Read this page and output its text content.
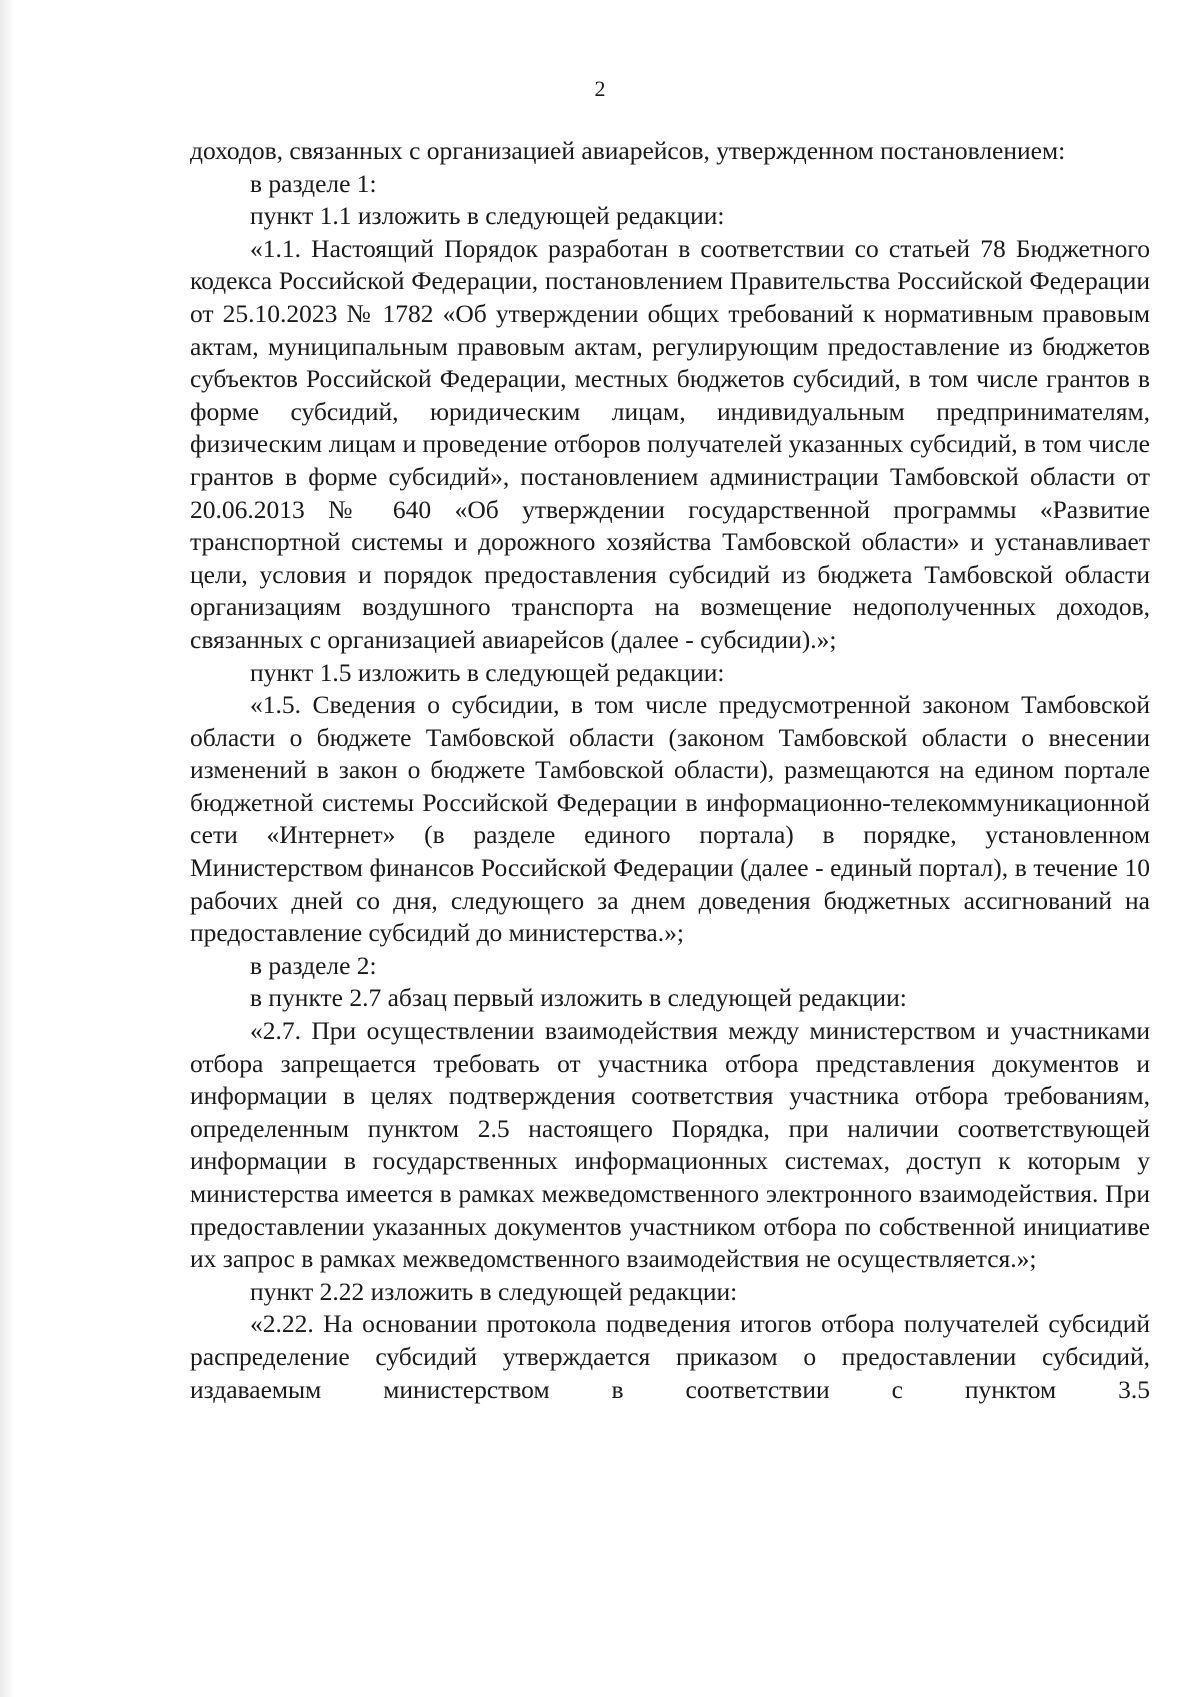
2

доходов, связанных с организацией авиарейсов, утвержденном постановлением:

в разделе 1:

пункт 1.1 изложить в следующей редакции:

«1.1. Настоящий Порядок разработан в соответствии со статьей 78 Бюджетного кодекса Российской Федерации, постановлением Правительства Российской Федерации от 25.10.2023 № 1782 «Об утверждении общих требований к нормативным правовым актам, муниципальным правовым актам, регулирующим предоставление из бюджетов субъектов Российской Федерации, местных бюджетов субсидий, в том числе грантов в форме субсидий, юридическим лицам, индивидуальным предпринимателям, физическим лицам и проведение отборов получателей указанных субсидий, в том числе грантов в форме субсидий», постановлением администрации Тамбовской области от 20.06.2013 № 640 «Об утверждении государственной программы «Развитие транспортной системы и дорожного хозяйства Тамбовской области» и устанавливает цели, условия и порядок предоставления субсидий из бюджета Тамбовской области организациям воздушного транспорта на возмещение недополученных доходов, связанных с организацией авиарейсов (далее - субсидии).»;

пункт 1.5 изложить в следующей редакции:

«1.5. Сведения о субсидии, в том числе предусмотренной законом Тамбовской области о бюджете Тамбовской области (законом Тамбовской области о внесении изменений в закон о бюджете Тамбовской области), размещаются на едином портале бюджетной системы Российской Федерации в информационно-телекоммуникационной сети «Интернет» (в разделе единого портала) в порядке, установленном Министерством финансов Российской Федерации (далее - единый портал), в течение 10 рабочих дней со дня, следующего за днем доведения бюджетных ассигнований на предоставление субсидий до министерства.»;

в разделе 2:

в пункте 2.7 абзац первый изложить в следующей редакции:

«2.7. При осуществлении взаимодействия между министерством и участниками отбора запрещается требовать от участника отбора представления документов и информации в целях подтверждения соответствия участника отбора требованиям, определенным пунктом 2.5 настоящего Порядка, при наличии соответствующей информации в государственных информационных системах, доступ к которым у министерства имеется в рамках межведомственного электронного взаимодействия. При предоставлении указанных документов участником отбора по собственной инициативе их запрос в рамках межведомственного взаимодействия не осуществляется.»;

пункт 2.22 изложить в следующей редакции:

«2.22. На основании протокола подведения итогов отбора получателей субсидий распределение субсидий утверждается приказом о предоставлении субсидий, издаваемым министерством в соответствии с пунктом 3.5
